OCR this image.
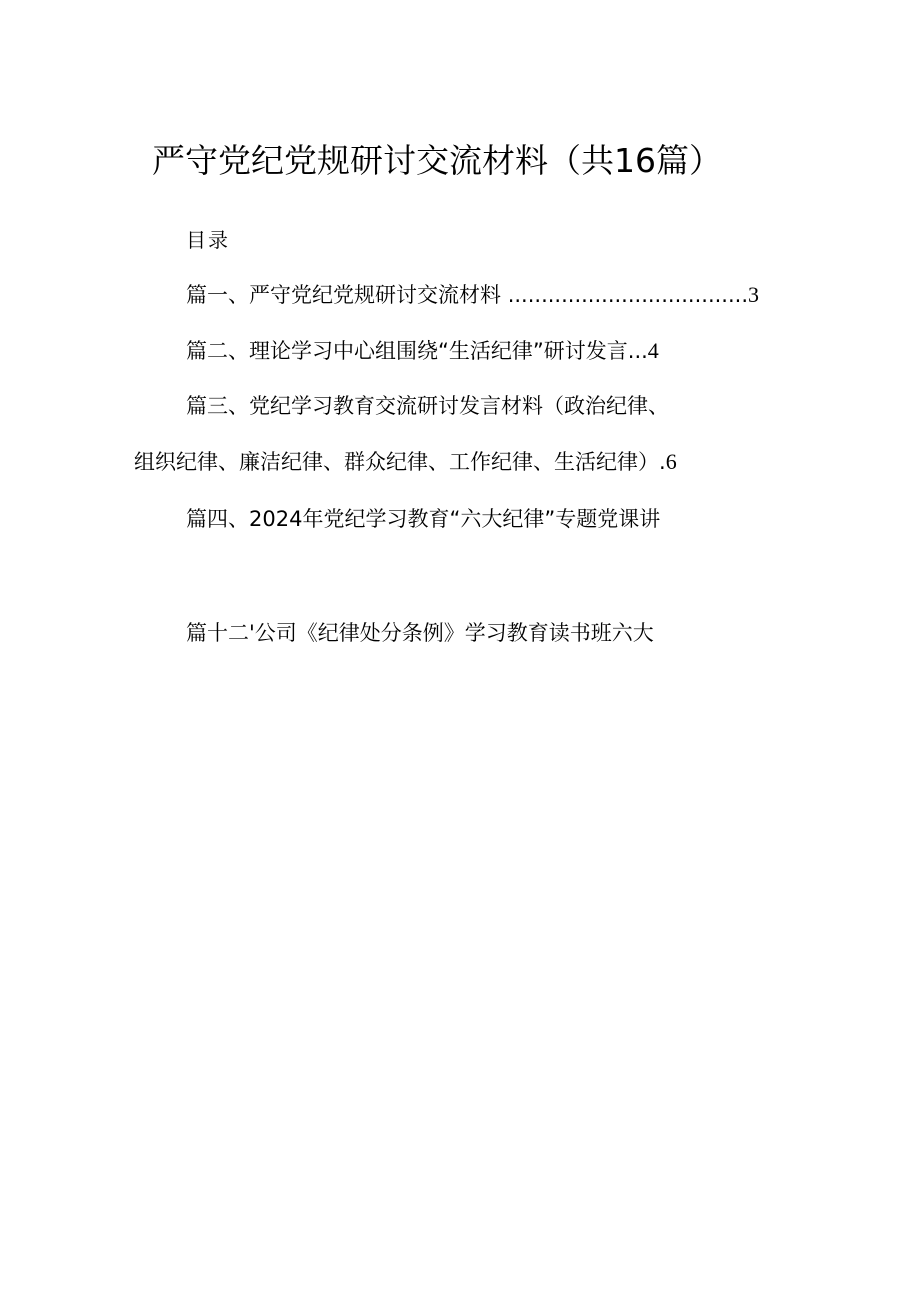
严守党纪党规研讨交流材料（共16篇）
目录
篇一、严守党纪党规研讨交流材料 ....................................3
篇二、理论学习中心组围绕“生活纪律”研讨发言...4
篇三、党纪学习教育交流研讨发言材料（政治纪律、
组织纪律、廉洁纪律、群众纪律、工作纪律、生活纪律）.6
篇四、2024年党纪学习教育“六大纪律”专题党课讲
篇十二'公司《纪律处分条例》学习教育读书班六大
